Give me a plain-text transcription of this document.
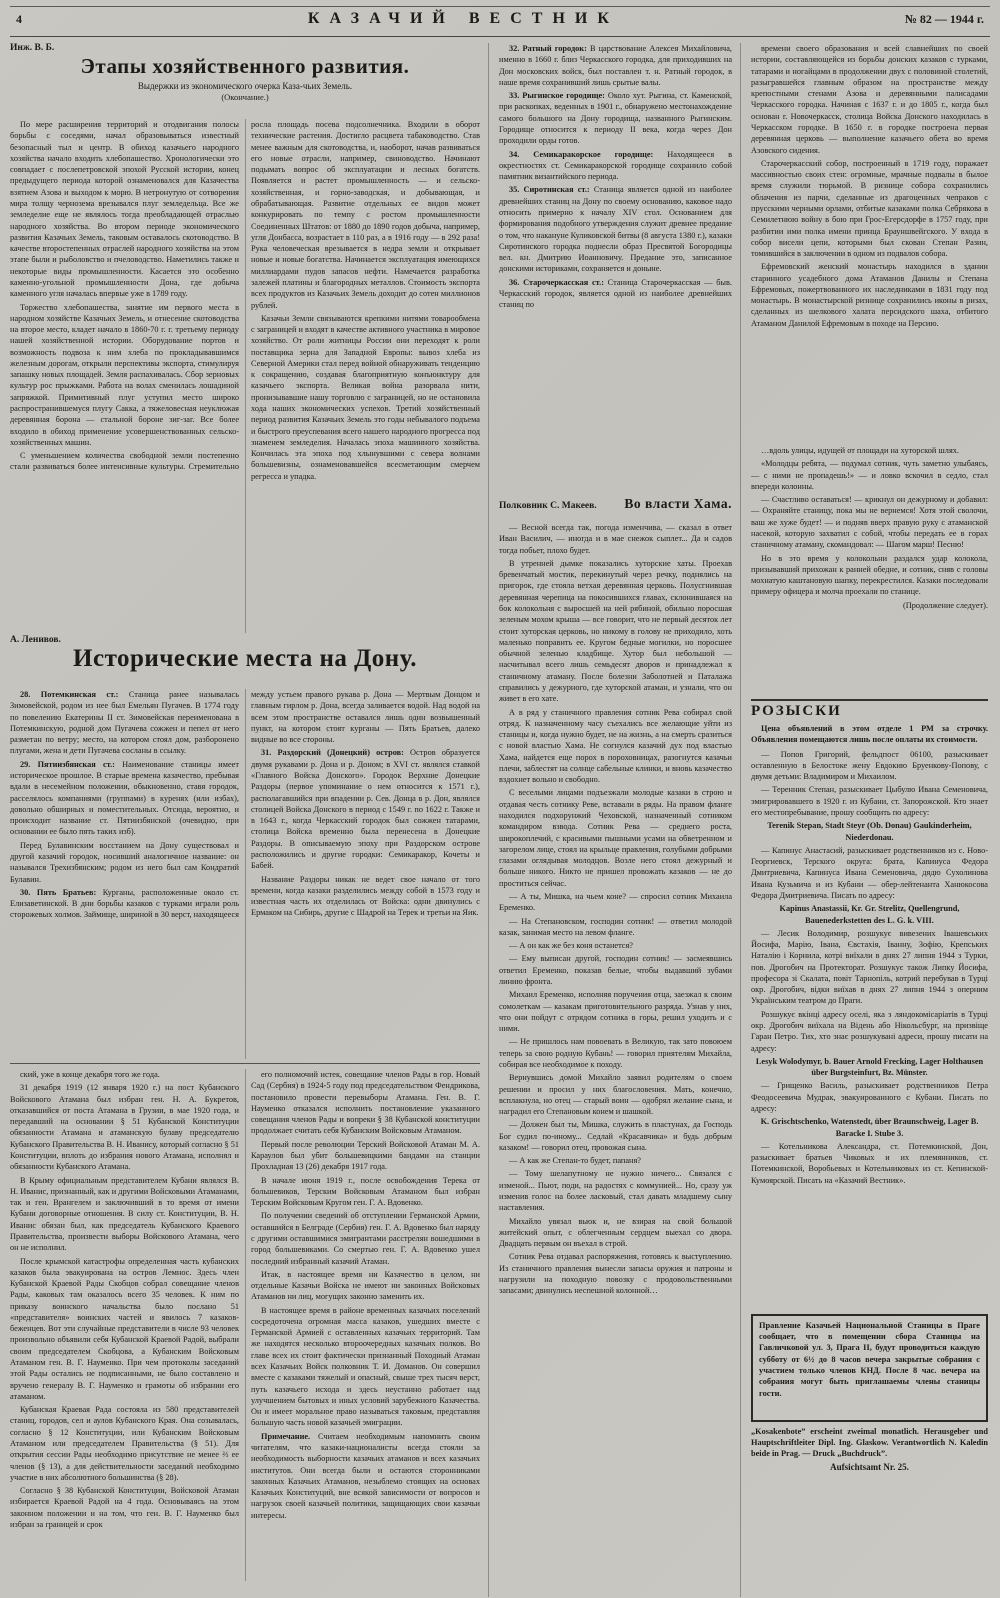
4	КАЗАЧИЙ ВЕСТНИК	№ 82 — 1944 г.
Инж. В. Б.
Этапы хозяйственного развития.
Выдержки из экономического очерка Каза-чьих Земель.
(Окончание.)

По мере расширения территорий и отодвигания полосы борьбы с соседями, начал образовываться известный безопасный тыл и центр. В обиход казачьего народного хозяйства начало входить хлебопашество. Хронологически это совпадает с послепетровской эпохой Русской истории, конец предыдущего периода которой ознаменовался для Казачества взятием Азова и выходом к морю. В нетронутую от сотворения мира толщу чернозема врезывался плуг земледельца. Все же земледелие еще не являлось тогда преобладающей отраслью народного хозяйства. Во втором периоде экономического развития Казачьих Земель, таковым оставалось скотоводство. В качестве второстепенных отраслей народного хозяйства на этом этапе были и рыболовство и пчеловодство. Наметились также и некоторые виды промышленности. Касается это особенно каменно-угольной промышленности Дона, где добыча каменного угля началась впервые уже в 1789 году.

Торжество хлебопашества, занятие им первого места в народном хозяйстве Казачьих Земель, и отнесение скотоводства на второе место, кладет начало в 1860-70 г. г. третьему периоду нашей хозяйственной истории. Оборудование портов и возможность подвоза к ним хлеба по прокладывавшимся железным дорогам, открыли перспективы экспорта, стимулируя запашку новых площадей. Земля распахивалась. Сбор зерновых культур рос прыжками. Работа на волах сменилась лошадиной запряжкой. Примитивный плуг уступил место широко распространившемуся плугу Сакка, а тяжеловесная неуклюжая деревянная борона — стальной бороне зиг-заг. Все более входило в обиход применение усовершенствованных сельско-хозяйственных машин.

С уменьшением количества свободной земли постепенно стали развиваться более интенсивные культуры. Стремительно росла площадь посева подсолнечника. Входили в оборот технические растения. Достигло расцвета табаководство. Став менее важным для скотоводства, и, наоборот, начав развиваться его новые отрасли, например, свиноводство. Начинают подымать вопрос об эксплуатации и лесных богатств. Появляется и растет промышленность — и сельско-хозяйственная, и горно-заводская, и добывающая, и обрабатывающая. Развитие отдельных ее видов может конкурировать по темпу с ростом промышленности Соединенных Штатов: от 1880 до 1890 годов добыча, например, угля Донбасса, возрастает в 110 раз, а в 1916 году — в 292 раза! Рука человеческая врезывается в недра земли и открывает новые и новые богатства. Начинается эксплуатация имеющихся миллиардами пудов запасов нефти. Намечается разработка залежей платины и благородных металлов. Стоимость экспорта всех продуктов из Казачьих Земель доходит до сотен миллионов рублей.

Казачьи Земли связываются крепкими нитями товарообмена с заграницей и входят в качестве активного участника в мировое хозяйство. От роли житницы России они переходят к роли поставщика зерна для Западной Европы: вывоз хлеба из Северной Америки стал перед войной обнаруживать тенденцию к сокращению, создавая благоприятную конъюнктуру для казачьего экспорта. Великая война разорвала нити, пронизывавшие нашу торговлю с заграницей, но не остановила хода наших экономических успехов. Третий хозяйственный период развития Казачьих Земель это годы небывалого подъема и быстрого преуспевания всего нашего народного прогресса под знаменем земледелия. Началась эпоха машинного хозяйства. Кончилась эта эпоха под хлынувшими с севера волнами большевизны, ознаменовавшейся всесметающим смерчем регресса и упадка.

А. Ленивов.
Исторические места на Дону.

28. Потемкинская ст.: Станица ранее называлась Зимовейской, родом из нее был Емельян Пугачев. В 1774 году по повелению Екатерины II ст. Зимовейская переименована в Потемкинскую, родной дом Пугачева сожжен и пепел от него разметан по ветру; место, на котором стоял дом, разборонено плугами, жена и дети Пугачева сосланы в ссылку.

29. Пятиизбянская ст.: Наименование станицы имеет историческое прошлое. В старые времена казачество, пребывая вдали в несемейном положении, обыкновенно, ставя городок, расселялось компаниями (группами) в куренях (или избах), довольно обширных и поместительных. Отсюда, вероятно, и происходит название ст. Пятиизбянской (очевидно, при основании ее было пять таких изб).

Перед Булавинским восстанием на Дону существовал и другой казачий городок, носивший аналогичное название: он назывался Трехизбянским; родом из него был сам Кондратий Булавин.

30. Пять Братьев: Курганы, расположенные около ст. Елизаветинской. В дни борьбы казаков с турками играли роль сторожевых холмов. Займище, шириной в 30 верст, находящееся между устьем правого рукава р. Дона — Мертвым Донцом и главным гирлом р. Дона, всегда заливается водой. Над водой на всем этом пространстве оставался лишь один возвышенный пункт, на котором стоят курганы — Пять Братьев, далеко видные во все стороны.

31. Раздорский (Донецкий) остров: Остров образуется двумя рукавами р. Дона и р. Доном; в XVI ст. являлся ставкой «Главного Войска Донского». Городок Верхние Донецкие Раздоры (первое упоминание о нем относится к 1571 г.), располагавшийся при впадении р. Сев. Донца в р. Дон, являлся столицей Войска Донского в период с 1549 г. по 1622 г. Также и в 1643 г., когда Черкасский городок был сожжен татарами, столица Войска временно была перенесена в Донецкие Раздоры. В описываемую эпоху при Раздорском острове расположились и другие городки: Семикаракор, Кочеты и Бабей.

Название Раздоры никак не ведет свое начало от того времени, когда казаки разделились между собой в 1573 году и известная часть их отделилась от Войска: одни двинулись с Ермаком на Сибирь, другие с Шадрой на Терек и третьи на Яик.

ский, уже в конце декабря того же года.

31 декабря 1919 (12 января 1920 г.) на пост Кубанского Войскового Атамана был избран ген. Н. А. Букретов, отказавшийся от поста Атамана в Грузии, в мае 1920 года, и передавший на основании § 51 Кубанской Конституции обязанности Атамана и атаманскую булаву председателю Кубанского Правительства В. Н. Иванису, который согласно § 51 Конституции, вплоть до избрания нового Атамана, исполнял и обязанности Кубанского Атамана.

В Крыму официальным представителем Кубани являлся В. Н. Иванис, признанный, как и другими Войсковыми Атаманами, так и ген. Врангелем и заключивший в то время от имени Кубани договорные отношения. В силу ст. Конституции, В. Н. Иванис обязан был, как председатель Кубанского Краевого Правительства, произвести выборы Войскового Атамана, чего он не исполнил.

После крымской катастрофы определенная часть кубанских казаков была эвакуирована на остров Лемнос. Здесь член Кубанской Краевой Рады Скобцов собрал совещание членов Рады, каковых там оказалось всего 35 человек. К ним по приказу воинского начальства было послано 51 «представителя» воинских частей и явилось 7 казаков-беженцев. Вот эти случайные представители в числе 93 человек произвольно объявили себя Кубанской Краевой Радой, выбрали своим председателем Скобцова, а Кубанским Войсковым Атаманом ген. В. Г. Науменко. При чем протоколы заседаний этой Рады остались не подписанными, не было составлено и вручено генералу В. Г. Науменко и грамоты об избрании его атаманом.

Кубанская Краевая Рада состояла из 580 представителей станиц, городов, сел и аулов Кубанского Края. Она созывалась, согласно § 12 Конституции, или Кубанским Войсковым Атаманом или председателем Правительства (§ 51). Для открытия сессии Рады необходимо присутствие не менее ⅔ ее членов (§ 13), а для действительности заседаний необходимо участие в них абсолютного большинства (§ 28).

Согласно § 38 Кубанской Конституции, Войсковой Атаман избирается Краевой Радой на 4 года. Основываясь на этом законном положении и на том, что ген. В. Г. Науменко был избран за границей и срок

его полномочий истек, совещание членов Рады в гор. Новый Сад (Сербия) в 1924-5 году под председательством Фендрикова, постановило провести перевыборы Атамана. Ген. В. Г. Науменко отказался исполнить постановление указанного совещания членов Рады и вопреки § 38 Кубанской конституции продолжает считать себя Кубанским Войсковым Атаманом.

Первый после революции Терский Войсковой Атаман М. А. Караулов был убит большевицкими бандами на станции Прохладная 13 (26) декабря 1917 года.

В начале июня 1919 г., после освобождения Терека от большевиков, Терским Войсковым Атаманом был избран Терским Войсковым Кругом ген. Г. А. Вдовенко.

По получении сведений об отступлении Германской Армии, оставшийся в Белграде (Сербия) ген. Г. А. Вдовенко был наряду с другими оставшимися эмигрантами расстрелян вошедшими в город большевиками. Со смертью ген. Г. А. Вдовенко ушел последний избранный казачий Атаман.

Итак, в настоящее время ни Казачество в целом, ни отдельные Казачьи Войска не имеют ни законных Войсковых Атаманов ни лиц, могущих законно заменить их.

В настоящее время в районе временных казачьих поселений сосредоточена огромная масса казаков, ушедших вместе с Германской Армией с оставленных казачьих территорий. Там же находятся несколько второочередных казачьих полков. Во главе всех их стоит фактически признанный Походный Атаман всех Казачьих Войск полковник Т. И. Доманов. Он совершил вместе с казаками тяжелый и опасный, свыше трех тысяч верст, путь казачьего исхода и здесь неустанно работает над улучшением бытовых и иных условий зарубежного Казачества. Он и имеет моральное право называться таковым, представляя большую часть новой казачьей эмиграции.

Примечание. Считаем необходимым напомнить своим читателям, что казаки-националисты всегда стояли за необходимость выборности казачьих атаманов и всех казачьих институтов. Они всегда были и остаются сторонниками законных Казачьих Атаманов, незыблемо стоящих на основах Казачьих Конституций, вне всякой зависимости от вопросов и нагрузок своей казачьей политики, защищающих свои казачьи интересы.

32. Ратный городок: В царствование Алексея Михайловича, именно в 1660 г. близ Черкасского городка, для приходивших на Дон московских войск, был поставлен т. н. Ратный городок, в наше время сохранивший лишь срытые валы.

33. Рыгинское городище: Около хут. Рыгина, ст. Каменской, при раскопках, веденных в 1901 г., обнаружено местонахождение самого большого на Дону городища, названного Рыгинским. Городище относится к периоду II века, когда через Дон проходили орды готов.

34. Семикаракорское городище: Находящееся в окрестностях ст. Семикаракорской городище сохранило собой памятник византийского периода.

35. Сиротинская ст.: Станица является одной из наиболее древнейших станиц на Дону по своему основанию, каковое надо относить примерно к началу XIV стол. Основанием для формирования подобного утверждения служит древнее предание о том, что накануне Куликовской битвы (8 августа 1380 г.), казаки Сиротинского городка поднесли образ Пресвятой Богородицы вел. кн. Дмитрию Иоанновичу. Предание это, записанное донскими историками, сохраняется и доныне.

36. Старочеркасская ст.: Станица Старочеркасская — быв. Черкасский городок, является одной из наиболее древнейших станиц по

Полковник С. Макеев. Во власти Хама.

— Весной всегда так, погода изменчива, — сказал в ответ Иван Василич, — иногда и в мае снежок сыплет... Да и садов тогда побьет, плохо будет.

В утренней дымке показались хуторские хаты. Проехав бревенчатый мостик, перекинутый через речку, поднялись на пригорок, где стояла ветхая деревянная церковь. Полусгнившая деревянная черепица на покосившихся главах, склонившаяся на бок колокольня с выросшей на ней рябиной, обильно поросшая зеленым мохом крыша — все говорит, что не первый десяток лет стоит хуторская церковь, но никому в голову не приходило, хоть маленько поправить ее. Кругом бедные могилки, но поросшее обычной зеленью кладбище. Хутор был небольшой — насчитывал всего лишь семьдесят дворов и принадлежал к станичному атаману. После болезни Заболотней и Паталажа справились у дежурного, где хуторской атаман, и узнали, что он живет в его хате.

А в ряд у станичного правления сотник Рева собирал свой отряд. К назначенному часу съехались все желающие уйти из станицы и, когда нужно будет, не на жизнь, а на смерть сразиться с новой властью Хама. Не согнулся казачий дух под властью Хама, найдется еще порох в пороховницах, разогнутся казачьи плечи, заблестят на солнце сабельные клинки, и вновь казачество вздохнет вольно и свободно.

С веселыми лицами подъезжали молодые казаки в строю и отдавая честь сотнику Реве, вставали в ряды. На правом фланге находился подхорунжий Чеховской, назначенный сотником командиром взвода. Сотник Рева — среднего роста, широкоплечий, с красивыми пышными усами на обветренном и загорелом лице, стоял на крыльце правления, голубыми добрыми глазами оглядывая молодцов. Возле него стоял дежурный и больше никого. Никто не пришел провожать казаков — не до проститься сейчас.

— А ты, Мишка, на чьем коне? — спросил сотник Михаила Еременко.

— На Степановском, господин сотник! — ответил молодой казак, занимая место на левом фланге.

— А он как же без коня останется?

— Ему выписан другой, господин сотник! — засмеявшись ответил Еременко, показав белые, чтобы выдавший зубами линию фронта.

Михаил Еременко, исполняя поручения отца, заезжал к своим сомолеткам — казакам приготовительного разряда. Узнав у них, что они пойдут с отрядом сотника в горы, решил уходить и с ними.

— Не пришлось нам повоевать в Великую, так зато повоюем теперь за свою родную Кубань! — говорил приятелям Михайла, собирая все необходимое к походу.

Вернувшись домой Михайло заявил родителям о своем решении и просил у них благословения. Мать, конечно, всплакнула, но отец — старый воин — одобрял желание сына, и наградил его Степановым конем и шашкой.

— Должен был ты, Мишка, служить в пластунах, да Господь Бог судил по-иному... Седлай «Красавчика» и будь добрым казаком! — говорил отец, провожая сына.

— А как же Степан-то будет, папаня?

— Тому шелапутному не нужно ничего... Связался с изменой... Пьют, поди, на радостях с коммунией... Но, сразу уж изменив голос на более ласковый, стал давать младшему сыну наставления.

Михайло увязал вьюк и, не взирая на свой большой житейский опыт, с облегченным сердцем выехал со двора. Двадцать первым он въехал в строй.

Сотник Рева отдавал распоряжения, готовясь к выступлению. Из станичного правления вынесли запасы оружия и патроны и нагрузили на походную повозку с продовольственными запасами; двинулись неспешной колонной…

времени своего образования и всей славнейших по своей истории, составляющейся из борьбы донских казаков с турками, татарами и ногайцами в продолжении двух с половиной столетий, разыгравшейся главным образом на пространстве между крепостными стенами Азова и деревянными палисадами Черкасского городка. Начиная с 1637 г. и до 1805 г., когда был основан г. Новочеркасск, столица Войска Донского находилась в Черкасском городке. В 1650 г. в городке построена первая деревянная церковь — выполнение казачьего обета во время Азовского сидения.

Старочеркасский собор, построенный в 1719 году, поражает массивностью своих стен: огромные, мрачные подвалы в былое время служили тюрьмой. В ризнице собора сохранились облачения из парчи, сделанные из драгоценных чепраков с прусскими черными орлами, отбитые казаками полка Себрякова в Семилетнюю войну в бою при Грос-Егерсдорфе в 1757 году, при разбитии ими полка имени принца Брауншвейгского. У входа в собор висели цепи, которыми был скован Степан Разин, томившийся в заключении в одном из подвалов собора.

Ефремовский женский монастырь находился в здании старинного усадебного дома Атаманов Данилы и Степана Ефремовых, пожертвованного их наследниками в 1831 году под монастырь. В монастырской ризнице сохранились иконы в ризах, сделанных из шелкового халата персидского шаха, отбитого Атаманом Данилой Ефремовым в походе на Персию.

…вдоль улицы, идущей от площади на хуторской шлях.

«Молодцы ребята, — подумал сотник, чуть заметно улыбаясь, — с ними не пропадешь!» — и ловко вскочил в седло, стал впереди колонны.

— Счастливо оставаться! — крикнул он дежурному и добавил: — Охраняйте станицу, пока мы не вернемся! Хотя этой сволочи, ваш же хуже будет! — и подняв вверх правую руку с атаманской насекой, которую захватил с собой, чтобы передать ее в горах станичному атаману, скомандовал: — Шагом марш! Песню!

Но в это время у колокольни раздался удар колокола, призывавший прихожан к ранней обедне, и сотник, сняв с головы мохнатую каштановую шапку, перекрестился. Казаки последовали примеру офицера и молча проехали по станице.

(Продолжение следует).

РОЗЫСКИ

Цена объявлений в этом отделе 1 РМ за строчку. Объявления помещаются лишь после оплаты их стоимости.

— Попов Григорий, фельдпост 06100, разыскивает оставленную в Белостоке жену Евдокию Бруенкову-Попову, с двумя детьми: Владимиром и Михаилом.

— Теренник Степан, разыскивает Цыбулю Ивана Семеновича, эмигрировавшего в 1920 г. из Кубани, ст. Запорожской. Кто знает его местопребывание, прошу сообщить по адресу:

Terenik Stepan, Stadt Steyr (Ob. Donau) Gaukinderheim, Niederdonau.

— Капинус Анастасий, разыскивает родственников из с. Ново-Георгиевск, Терского округа: брата, Капинуса Федора Дмитриевича, Капинуса Ивана Семеновича, дядю Сухолинова Ивана Кузьмича и из Кубани — обер-лейтенанта Ханюкосова Федора Дмитриевича. Писать по адресу:

Kapinus Anastassii, Kr. Gr. Strelitz, Quellengrund, Bauenederkstetten des L. G. k. VIII.

— Лесик Володимир, розшукує вивезених Івашевських Йосифа, Марію, Івана, Євстахія, Іванну, Зофію, Крепських Наталію і Корнила, котрі виїхали в днях 27 липня 1944 з Турки, пов. Дрогобич на Протекторат. Розшукує також Липку Йосифа, професора зі Скалата, повіт Тарнопіль, котрий перебував в Турці окр. Дрогобич, відки виїхав в днях 27 липня 1944 з оперним Українським театром до Праги.

Розшукує вкінці адресу оселі, яка з ляндокомісаріатів в Турці окр. Дрогобич виїхала на Відень або Нікольсбург, на призвіще Гаран Петро. Тих, хто знає розшукувані адреси, прошу писати на адресу:

Lesyk Wolodymyr, b. Bauer Arnold Frecking, Lager Holthausen über Burgsteinfurt, Bz. Münster.

— Грищенко Василь, разыскивает родственников Петра Феодосеевича Мудрак, эвакуированного с Кубани. Писать по адресу:

K. Grischtschenko, Watenstedt, über Braunschweig, Lager B. Baracke I. Stube 3.

— Котельникова Александра, ст. Потемкинской, Дон, разыскивает братьев Чиковых и их племянников, ст. Потемкинской, Воробьевых и Котельниковых из ст. Кепинской-Кумоярской. Писать на «Казачий Вестник».

Правление Казачьей Национальной Станицы в Праге сообщает, что в помещении сбора Станицы на Гавличковой ул. 3, Прага II, будут проводиться каждую субботу от 6½ до 8 часов вечера закрытые собрания с участием только членов КНД. После 8 час. вечера на собрания могут быть приглашаемы члены станицы гости.
„Kosakenbote” erscheint zweimal monatlich. Herausgeber und Hauptschriftleiter Dipl. Ing. Glaskow. Verantwortlich N. Kaledin beide in Prag. — Druck „Buchdruck”.
Aufsichtsamt Nr. 25.
